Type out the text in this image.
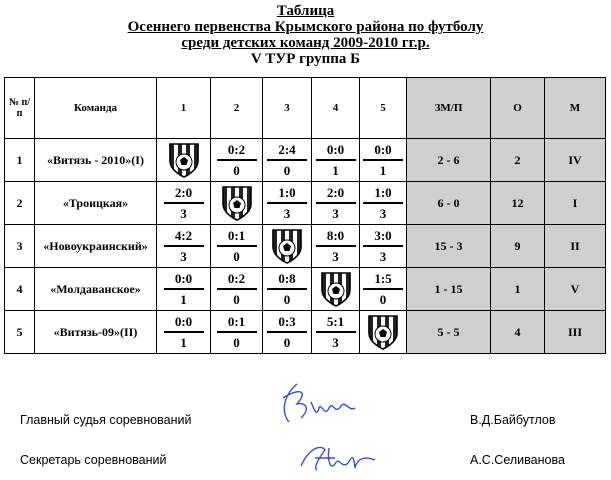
Таблица
Осеннего первенства Крымского района по футболу
среди детских команд 2009-2010 гг.р.
V ТУР группа Б
№ п/ п	Команда	1	2	3	4	5	ЗМ/П	О	М
1	«Витязь - 2010»(I)		$\frac{0:2}{0}$	$\frac{2:4}{0}$	$\frac{0:0}{1}$	$\frac{0:0}{1}$	2 - 6	2	IV
2	«Троицкая»	$\frac{2:0}{3}$		$\frac{1:0}{3}$	$\frac{2:0}{3}$	$\frac{1:0}{3}$	6 - 0	12	I
3	«Новоукраинский»	$\frac{4:2}{3}$	$\frac{0:1}{0}$		$\frac{8:0}{3}$	$\frac{3:0}{3}$	15 - 3	9	II
4	«Молдаванское»	$\frac{0:0}{1}$	$\frac{0:2}{0}$	$\frac{0:8}{0}$		$\frac{1:5}{0}$	1 - 15	1	V
5	«Витязь-09»(II)	$\frac{0:0}{1}$	$\frac{0:1}{0}$	$\frac{0:3}{0}$	$\frac{5:1}{3}$		5 - 5	4	III
Главный судья соревнований	В.Д.Байбутлов
Секретарь соревнований	А.С.Селиванова
